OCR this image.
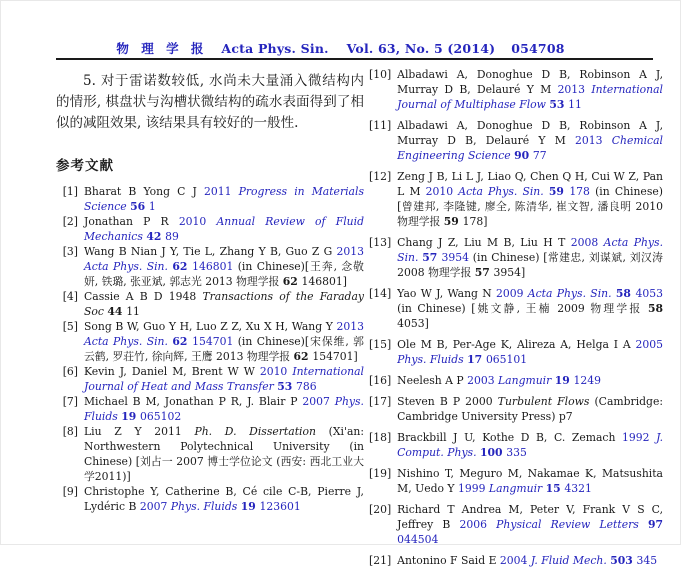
物 理 学 报 Acta Phys. Sin. Vol. 63, No. 5 (2014) 054708

5. 对于雷诺数较低, 水尚未大量涌入微结构内的情形, 棋盘状与沟槽状微结构的疏水表面得到了相似的减阻效果, 该结果具有较好的一般性.

参考文献
[1] Bharat B Yong C J 2011 Progress in Materials Science 56 1
[2] Jonathan P R 2010 Annual Review of Fluid Mechanics 42 89
[3] Wang B Nian J Y, Tie L, Zhang Y B, Guo Z G 2013 Acta Phys. Sin. 62 146801 (in Chinese)[王奔, 念敬妍, 铁璐, 张亚斌, 郭志光 2013 物理学报 62 146801]
[4] Cassie A B D 1948 Transactions of the Faraday Soc 44 11
[5] Song B W, Guo Y H, Luo Z Z, Xu X H, Wang Y 2013 Acta Phys. Sin. 62 154701 (in Chinese)[宋保维, 郭云鹤, 罗荘竹, 徐向辉, 王鹰 2013 物理学报 62 154701]
[6] Kevin J, Daniel M, Brent W W 2010 International Journal of Heat and Mass Transfer 53 786
[7] Michael B M, Jonathan P R, J. Blair P 2007 Phys. Fluids 19 065102
[8] Liu Z Y 2011 Ph. D. Dissertation (Xi'an: Northwestern Polytechnical University (in Chinese) [刘占一 2007 博士学位论文 (西安: 西北工业大学2011)]
[9] Christophe Y, Catherine B, Cé cile C-B, Pierre J, Lydéric B 2007 Phys. Fluids 19 123601
[10] Albadawi A, Donoghue D B, Robinson A J, Murray D B, Delauré Y M 2013 International Journal of Multiphase Flow 53 11
[11] Albadawi A, Donoghue D B, Robinson A J, Murray D B, Delauré Y M 2013 Chemical Engineering Science 90 77
[12] Zeng J B, Li L J, Liao Q, Chen Q H, Cui W Z, Pan L M 2010 Acta Phys. Sin. 59 178 (in Chinese) [曾建邦, 李隆键, 廖全, 陈清华, 崔文智, 潘良明 2010 物理学报 59 178]
[13] Chang J Z, Liu M B, Liu H T 2008 Acta Phys. Sin. 57 3954 (in Chinese) [常建忠, 刘谋斌, 刘汉涛 2008 物理学报 57 3954]
[14] Yao W J, Wang N 2009 Acta Phys. Sin. 58 4053 (in Chinese) [姚文静, 王楠 2009 物理学报 58 4053]
[15] Ole M B, Per-Age K, Alireza A, Helga I A 2005 Phys. Fluids 17 065101
[16] Neelesh A P 2003 Langmuir 19 1249
[17] Steven B P 2000 Turbulent Flows (Cambridge: Cambridge University Press) p7
[18] Brackbill J U, Kothe D B, C. Zemach 1992 J. Comput. Phys. 100 335
[19] Nishino T, Meguro M, Nakamae K, Matsushita M, Uedo Y 1999 Langmuir 15 4321
[20] Richard T Andrea M, Peter V, Frank V S C, Jeffrey B 2006 Physical Review Letters 97 044504
[21] Antonino F Said E 2004 J. Fluid Mech. 503 345
